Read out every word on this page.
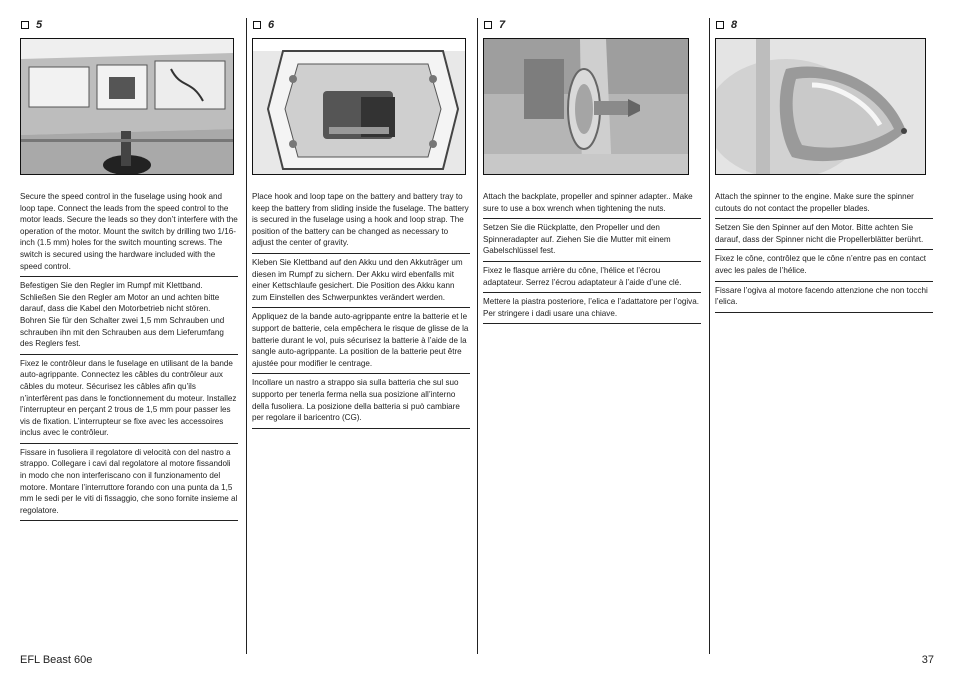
5
Secure the speed control in the fuselage using hook and loop tape. Connect the leads from the speed control to the motor leads. Secure the leads so they don’t interfere with the operation of the motor. Mount the switch by drilling two 1/16-inch (1.5 mm) holes for the switch mounting screws. The switch is secured using the hardware included with the speed control.
Befestigen Sie den Regler im Rumpf mit Klettband. Schließen Sie den Regler am Motor an und achten bitte darauf, dass die Kabel den Motorbetrieb nicht stören. Bohren Sie für den Schalter zwei 1,5 mm Schrauben und schrauben ihn mit den Schrauben aus dem Lieferumfang des Reglers fest.
Fixez le contrôleur dans le fuselage en utilisant de la bande auto-agrippante. Connectez les câbles du contrôleur aux câbles du moteur. Sécurisez les câbles afin qu’ils n’interfèrent pas dans le fonctionnement du moteur. Installez l’interrupteur en perçant 2 trous de 1,5 mm pour passer les vis de fixation. L’interrupteur se fixe avec les accessoires inclus avec le contrôleur.
Fissare in fusoliera il regolatore di velocità con del nastro a strappo. Collegare i cavi dal regolatore al motore fissandoli in modo che non interferiscano con il funzionamento del motore. Montare l’interruttore forando con una punta da 1,5 mm le sedi per le viti di fissaggio, che sono fornite insieme al regolatore.
6
Place hook and loop tape on the battery and battery tray to keep the battery from sliding inside the fuselage. The battery is secured in the fuselage using a hook and loop strap. The position of the battery can be changed as necessary to adjust the center of gravity.
Kleben Sie Klettband auf den Akku und den Akkuträger um diesen im Rumpf zu sichern. Der Akku wird ebenfalls mit einer Kettschlaufe gesichert. Die Position des Akku kann zum Einstellen des Schwerpunktes verändert werden.
Appliquez de la bande auto-agrippante entre la batterie et le support de batterie, cela empêchera le risque de glisse de la batterie durant le vol, puis sécurisez la batterie à l’aide de la sangle auto-agrippante. La position de la batterie peut être ajustée pour modifier le centrage.
Incollare un nastro a strappo sia sulla batteria che sul suo supporto per tenerla ferma nella sua posizione all’interno della fusoliera. La posizione della batteria si può cambiare per regolare il baricentro (CG).
7
Attach the backplate, propeller and spinner adapter.. Make sure to use a box wrench when tightening the nuts.
Setzen Sie die Rückplatte, den Propeller und den Spinneradapter auf. Ziehen Sie die Mutter mit einem Gabelschlüssel fest.
Fixez le flasque arrière du cône, l’hélice et l’écrou adaptateur. Serrez l’écrou adaptateur à l’aide d’une clé.
Mettere la piastra posteriore, l’elica e l’adattatore per l’ogiva. Per stringere i dadi usare una chiave.
8
Attach the spinner to the engine. Make sure the spinner cutouts do not contact the propeller blades.
Setzen Sie den Spinner auf den Motor. Bitte achten Sie darauf, dass der Spinner nicht die Propellerblätter berührt.
Fixez le cône, contrôlez que le cône n’entre pas en contact avec les pales de l’hélice.
Fissare l’ogiva al motore facendo attenzione che non tocchi l’elica.
EFL Beast 60e	37
